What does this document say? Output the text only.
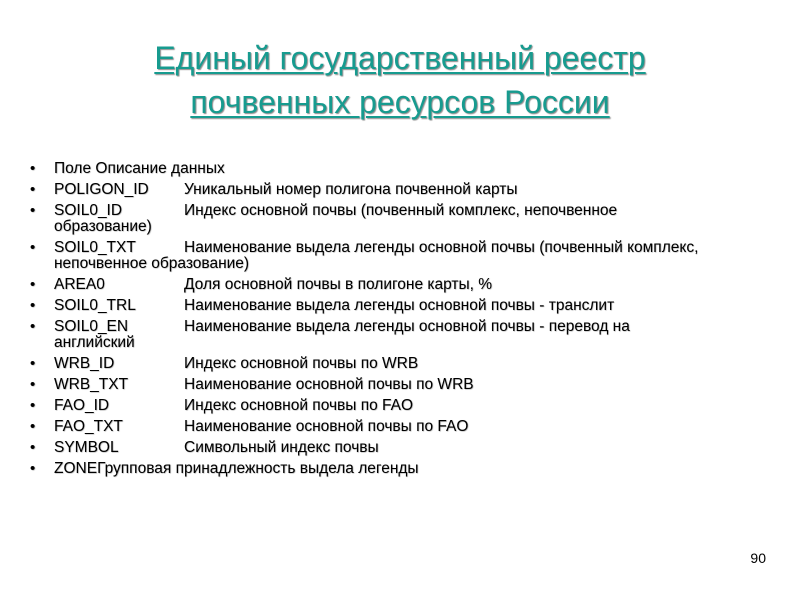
Единый государственный реестр
почвенных ресурсов России
• Поле Описание данных
• POLIGON_ID Уникальный номер полигона почвенной карты
• SOIL0_ID	Индекс основной почвы (почвенный комплекс, непочвенное образование)
• SOIL0_TXT	Наименование выдела легенды основной почвы (почвенный комплекс, непочвенное образование)
• AREA0	Доля основной почвы в полигоне карты, %
• SOIL0_TRL	Наименование выдела легенды основной почвы - транслит
• SOIL0_EN	Наименование выдела легенды основной почвы - перевод на английский
• WRB_ID	Индекс основной почвы по WRB
• WRB_TXT	Наименование основной почвы по WRB
• FAO_ID	Индекс основной почвы по FAO
• FAO_TXT	Наименование основной почвы по FAO
• SYMBOL	Символьный индекс почвы
• ZONEГрупповая принадлежность выдела легенды
90
